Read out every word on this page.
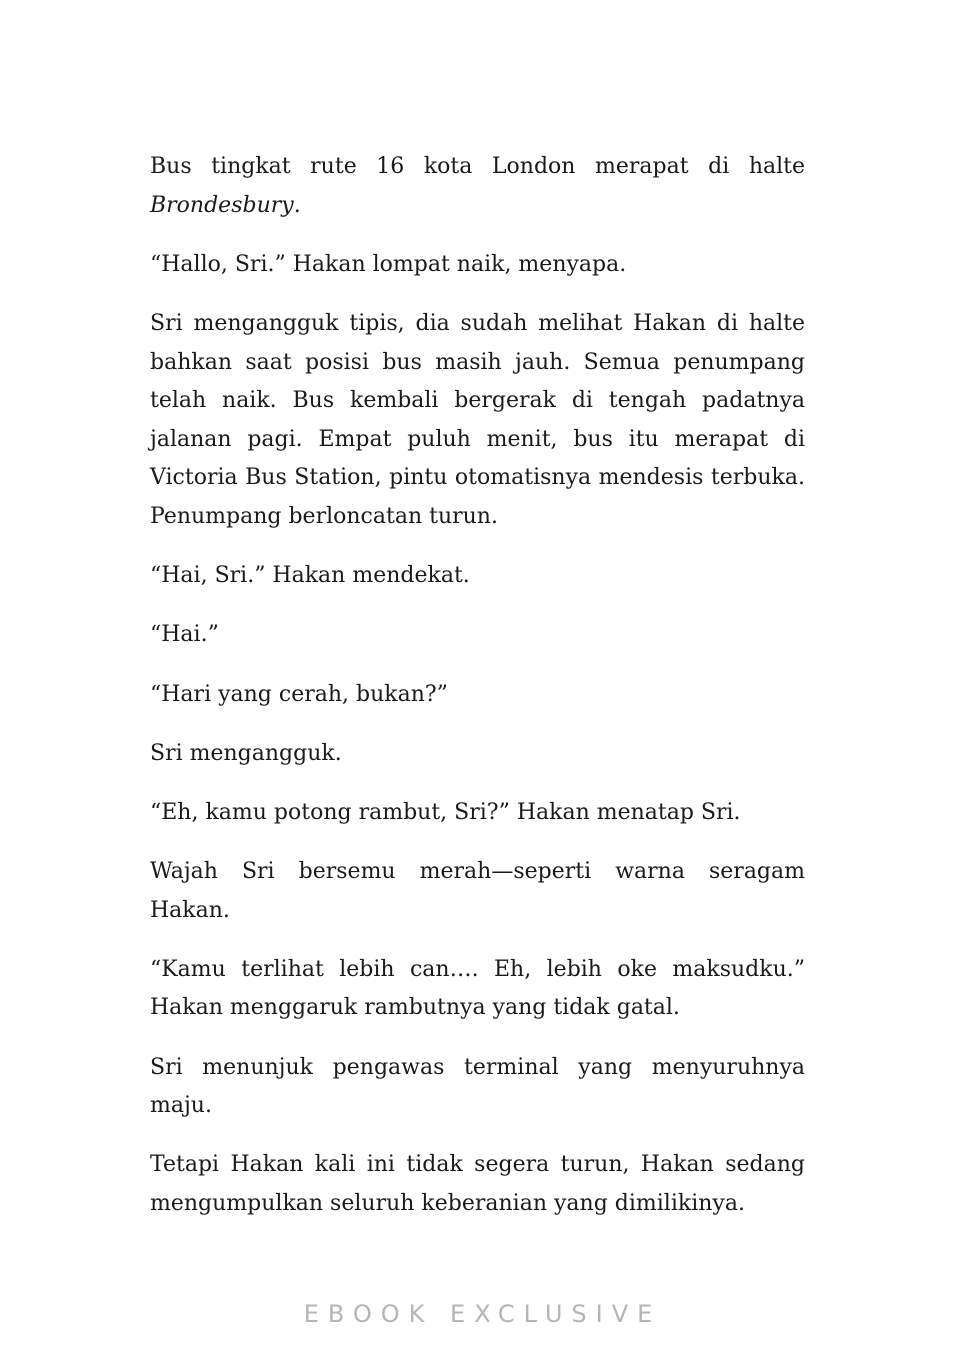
Bus tingkat rute 16 kota London merapat di halte Brondesbury.

“Hallo, Sri.” Hakan lompat naik, menyapa.

Sri mengangguk tipis, dia sudah melihat Hakan di halte bahkan saat posisi bus masih jauh. Semua penumpang telah naik. Bus kembali bergerak di tengah padatnya jalanan pagi. Empat puluh menit, bus itu merapat di Victoria Bus Station, pintu otomatisnya mendesis terbuka. Penumpang berloncatan turun.

“Hai, Sri.” Hakan mendekat.

“Hai.”

“Hari yang cerah, bukan?”

Sri mengangguk.

“Eh, kamu potong rambut, Sri?” Hakan menatap Sri.

Wajah Sri bersemu merah—seperti warna seragam Hakan.

“Kamu terlihat lebih can…. Eh, lebih oke maksudku.” Hakan menggaruk rambutnya yang tidak gatal.

Sri menunjuk pengawas terminal yang menyuruhnya maju.

Tetapi Hakan kali ini tidak segera turun, Hakan sedang mengumpulkan seluruh keberanian yang dimilikinya.

EBOOK EXCLUSIVE
